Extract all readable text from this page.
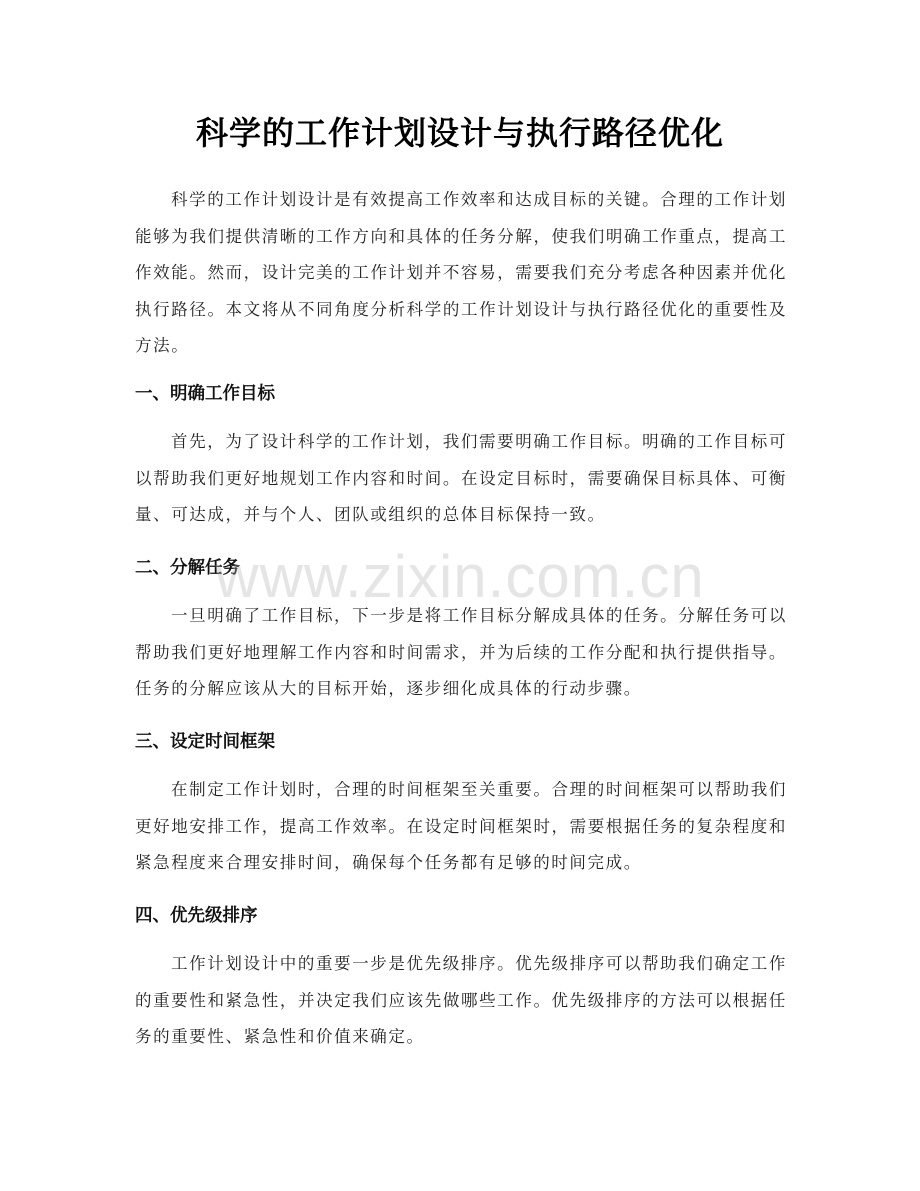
科学的工作计划设计与执行路径优化

科学的工作计划设计是有效提高工作效率和达成目标的关键。合理的工作计划能够为我们提供清晰的工作方向和具体的任务分解，使我们明确工作重点，提高工作效能。然而，设计完美的工作计划并不容易，需要我们充分考虑各种因素并优化执行路径。本文将从不同角度分析科学的工作计划设计与执行路径优化的重要性及方法。

一、明确工作目标

首先，为了设计科学的工作计划，我们需要明确工作目标。明确的工作目标可以帮助我们更好地规划工作内容和时间。在设定目标时，需要确保目标具体、可衡量、可达成，并与个人、团队或组织的总体目标保持一致。

二、分解任务

一旦明确了工作目标，下一步是将工作目标分解成具体的任务。分解任务可以帮助我们更好地理解工作内容和时间需求，并为后续的工作分配和执行提供指导。任务的分解应该从大的目标开始，逐步细化成具体的行动步骤。

三、设定时间框架

在制定工作计划时，合理的时间框架至关重要。合理的时间框架可以帮助我们更好地安排工作，提高工作效率。在设定时间框架时，需要根据任务的复杂程度和紧急程度来合理安排时间，确保每个任务都有足够的时间完成。

四、优先级排序

工作计划设计中的重要一步是优先级排序。优先级排序可以帮助我们确定工作的重要性和紧急性，并决定我们应该先做哪些工作。优先级排序的方法可以根据任务的重要性、紧急性和价值来确定。

www.zixin.com.cn
